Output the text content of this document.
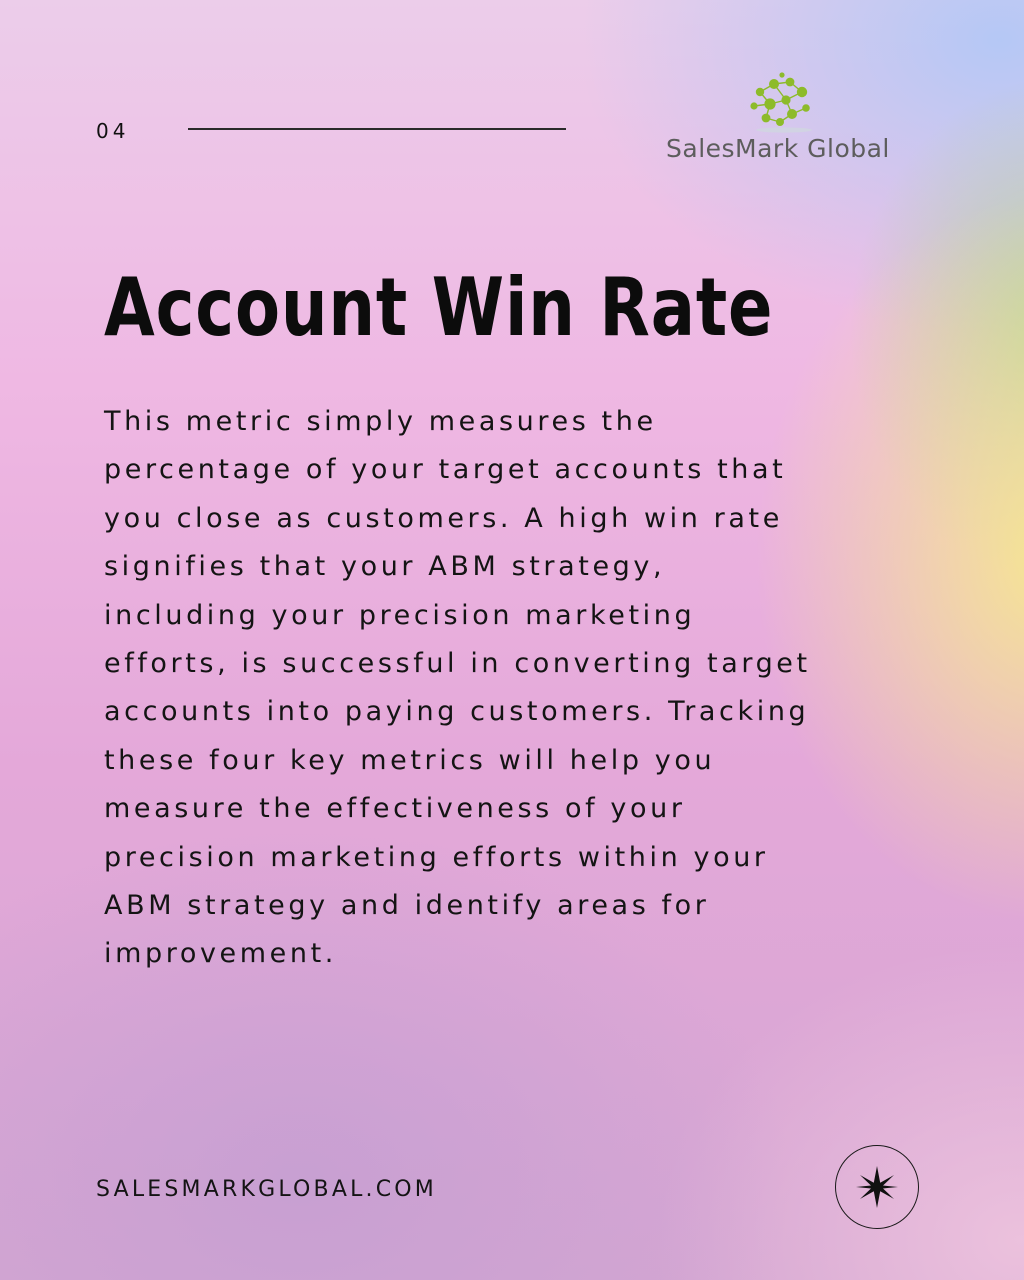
04
SalesMark Global
Account Win Rate

This metric simply measures the
percentage of your target accounts that
you close as customers. A high win rate
signifies that your ABM strategy,
including your precision marketing
efforts, is successful in converting target
accounts into paying customers. Tracking
these four key metrics will help you
measure the effectiveness of your
precision marketing efforts within your
ABM strategy and identify areas for
improvement.

SALESMARKGLOBAL.COM
